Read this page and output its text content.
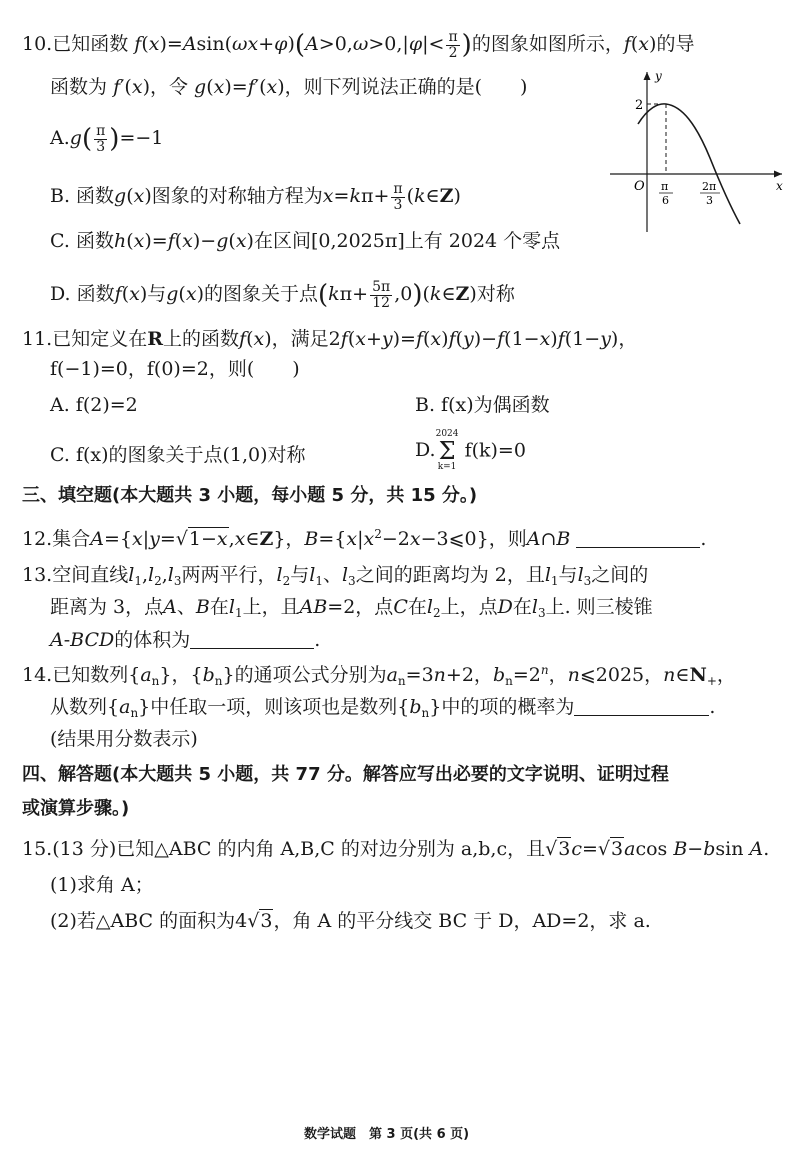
10.已知函数 $f(x)=Asin(\omega x+\varphi)(A>0,\omega>0,|\varphi|< \frac{\pi}{2}$ )的图象如图所示，f(x)的导
函数为 f′(x)，令 g(x)=f′(x)，则下列说法正确的是(　　)
$A.g( \frac{\pi}{3} )=-1$
B. 函数g(x)图象的对称轴方程为$x=k\pi+ \frac{\pi}{3}$ (k∈Z)
C. 函数h(x)=f(x)−g(x)在区间[0,2025π]上有 2024 个零点
D. 函数f(x)与g(x)的图象关于点($k\pi+ \frac{5\pi}{12}$ ,0)(k∈Z)对称
y
x
O
2
π
6
2π
3
11.已知定义在R上的函数f(x)，满足2f(x+y)=f(x)f(y)−f(1−x)f(1−y)，
f(−1)=0，f(0)=2，则(　　)
A. f(2)=2	B. f(x)为偶函数
C. f(x)的图象关于点(1,0)对称	D.
2024
Σ
k=1
f(k)=0
三、填空题(本大题共 3 小题，每小题 5 分，共 15 分。)
12.集合A={x|y=√1−x,x∈Z}，$B=\{x|x^2-2x-3⩽0\}$，则A∩B	.
13.空间直线$l_1,l_2,l_3$两两平行，$l_2$与$l_1$、$l_3$之间的距离均为 2，且$l_1$与$l_3$之间的
距离为 3，点A、B在$l_1$上，且AB=2，点C在$l_2$上，点D在$l_3$上. 则三棱锥
A-BCD的体积为	.
14.已知数列$\{a_n\}$，$\{b_n\}$的通项公式分别为$a_n=3n+2$，$b_n=2^n$，n⩽2025，$n\in N_+$，
从数列$\{a_n\}$中任取一项，则该项也是数列$\{b_n\}$中的项的概率为	.
(结果用分数表示)
四、解答题(本大题共 5 小题，共 77 分。解答应写出必要的文字说明、证明过程
或演算步骤。)
15.(13 分)已知△ABC 的内角 A,B,C 的对边分别为 a,b,c，且√3c=√3acos B−bsin A.
(1)求角 A；
(2)若△ABC 的面积为4√3，角 A 的平分线交 BC 于 D，AD=2，求 a.
数学试题　第 3 页(共 6 页)
